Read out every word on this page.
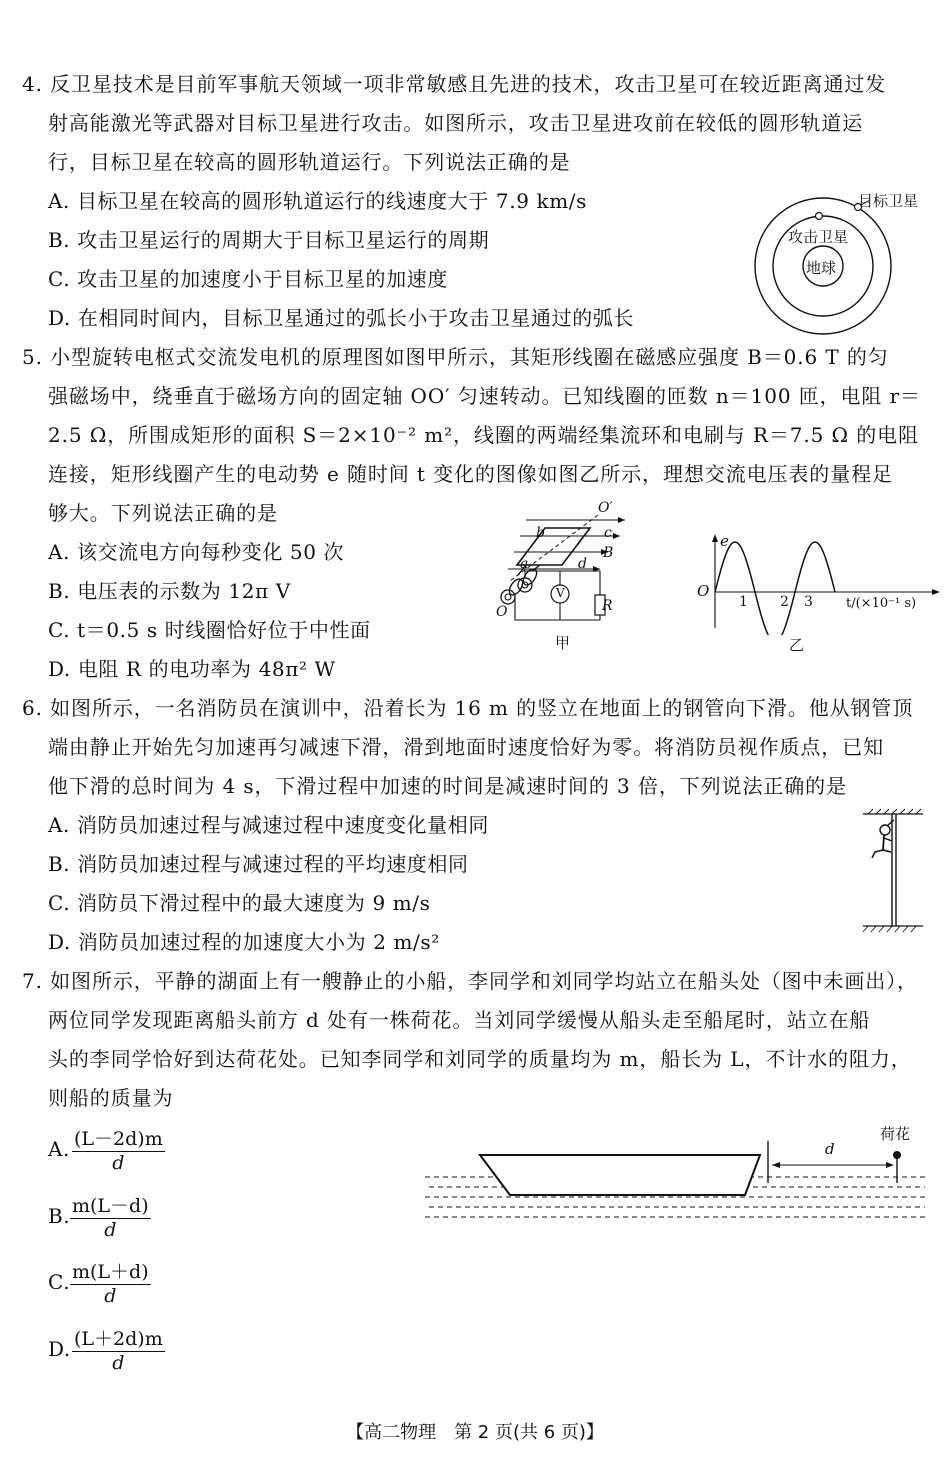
4. 反卫星技术是目前军事航天领域一项非常敏感且先进的技术，攻击卫星可在较近距离通过发
射高能激光等武器对目标卫星进行攻击。如图所示，攻击卫星进攻前在较低的圆形轨道运
行，目标卫星在较高的圆形轨道运行。下列说法正确的是
A. 目标卫星在较高的圆形轨道运行的线速度大于 7.9 km/s
B. 攻击卫星运行的周期大于目标卫星运行的周期
C. 攻击卫星的加速度小于目标卫星的加速度
D. 在相同时间内，目标卫星通过的弧长小于攻击卫星通过的弧长
目标卫星
攻击卫星
地球
5. 小型旋转电枢式交流发电机的原理图如图甲所示，其矩形线圈在磁感应强度 B＝0.6 T 的匀
强磁场中，绕垂直于磁场方向的固定轴 OO′ 匀速转动。已知线圈的匝数 n＝100 匝，电阻 r＝
2.5 Ω，所围成矩形的面积 S＝2×10⁻² m²，线圈的两端经集流环和电刷与 R＝7.5 Ω 的电阻
连接，矩形线圈产生的电动势 e 随时间 t 变化的图像如图乙所示，理想交流电压表的量程足
够大。下列说法正确的是
A. 该交流电方向每秒变化 50 次
B. 电压表的示数为 12π V
C. t＝0.5 s 时线圈恰好位于中性面
D. 电阻 R 的电功率为 48π² W
O′
b	c
B
a	d
O
V
R
甲
e
O
1 2 3	t/(×10⁻¹ s)
乙
6. 如图所示，一名消防员在演训中，沿着长为 16 m 的竖立在地面上的钢管向下滑。他从钢管顶
端由静止开始先匀加速再匀减速下滑，滑到地面时速度恰好为零。将消防员视作质点，已知
他下滑的总时间为 4 s，下滑过程中加速的时间是减速时间的 3 倍，下列说法正确的是
A. 消防员加速过程与减速过程中速度变化量相同
B. 消防员加速过程与减速过程的平均速度相同
C. 消防员下滑过程中的最大速度为 9 m/s
D. 消防员加速过程的加速度大小为 2 m/s²
7. 如图所示，平静的湖面上有一艘静止的小船，李同学和刘同学均站立在船头处（图中未画出），
两位同学发现距离船头前方 d 处有一株荷花。当刘同学缓慢从船头走至船尾时，站立在船
头的李同学恰好到达荷花处。已知李同学和刘同学的质量均为 m，船长为 L，不计水的阻力，
则船的质量为
A. $\frac{(L-2d)m}{d}$
B. $\frac{m(L-d)}{d}$
C. $\frac{m(L+d)}{d}$
D. $\frac{(L+2d)m}{d}$
d
荷花
【高二物理　第 2 页(共 6 页)】
